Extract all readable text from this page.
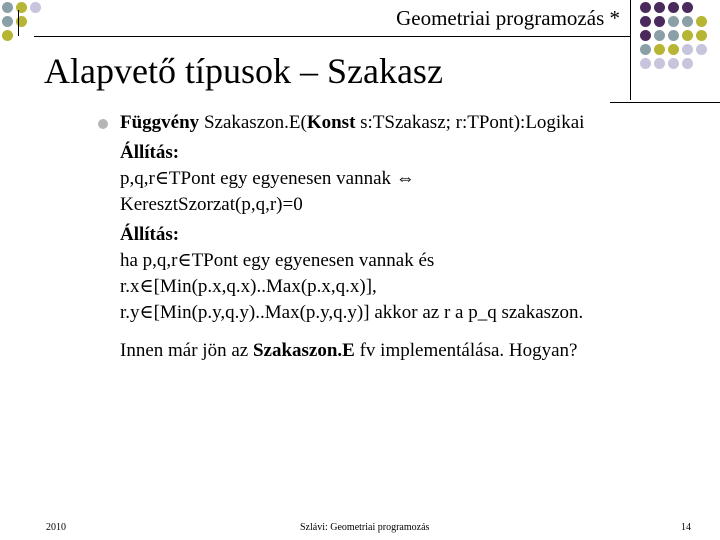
Geometriai programozás *
Alapvető típusok – Szakasz
Függvény Szakaszon.E(Konst s:TSzakasz; r:TPont):Logikai
Állítás:
p,q,r∈TPont egy egyenesen vannak ⇔
KeresztSzorzat(p,q,r)=0
Állítás:
ha p,q,r∈TPont egy egyenesen vannak és
r.x∈[Min(p.x,q.x)..Max(p.x,q.x)],
r.y∈[Min(p.y,q.y)..Max(p.y,q.y)] akkor az r a p_q szakaszon.
Innen már jön az Szakaszon.E fv implementálása. Hogyan?
2010	Szlávi: Geometriai programozás	14
